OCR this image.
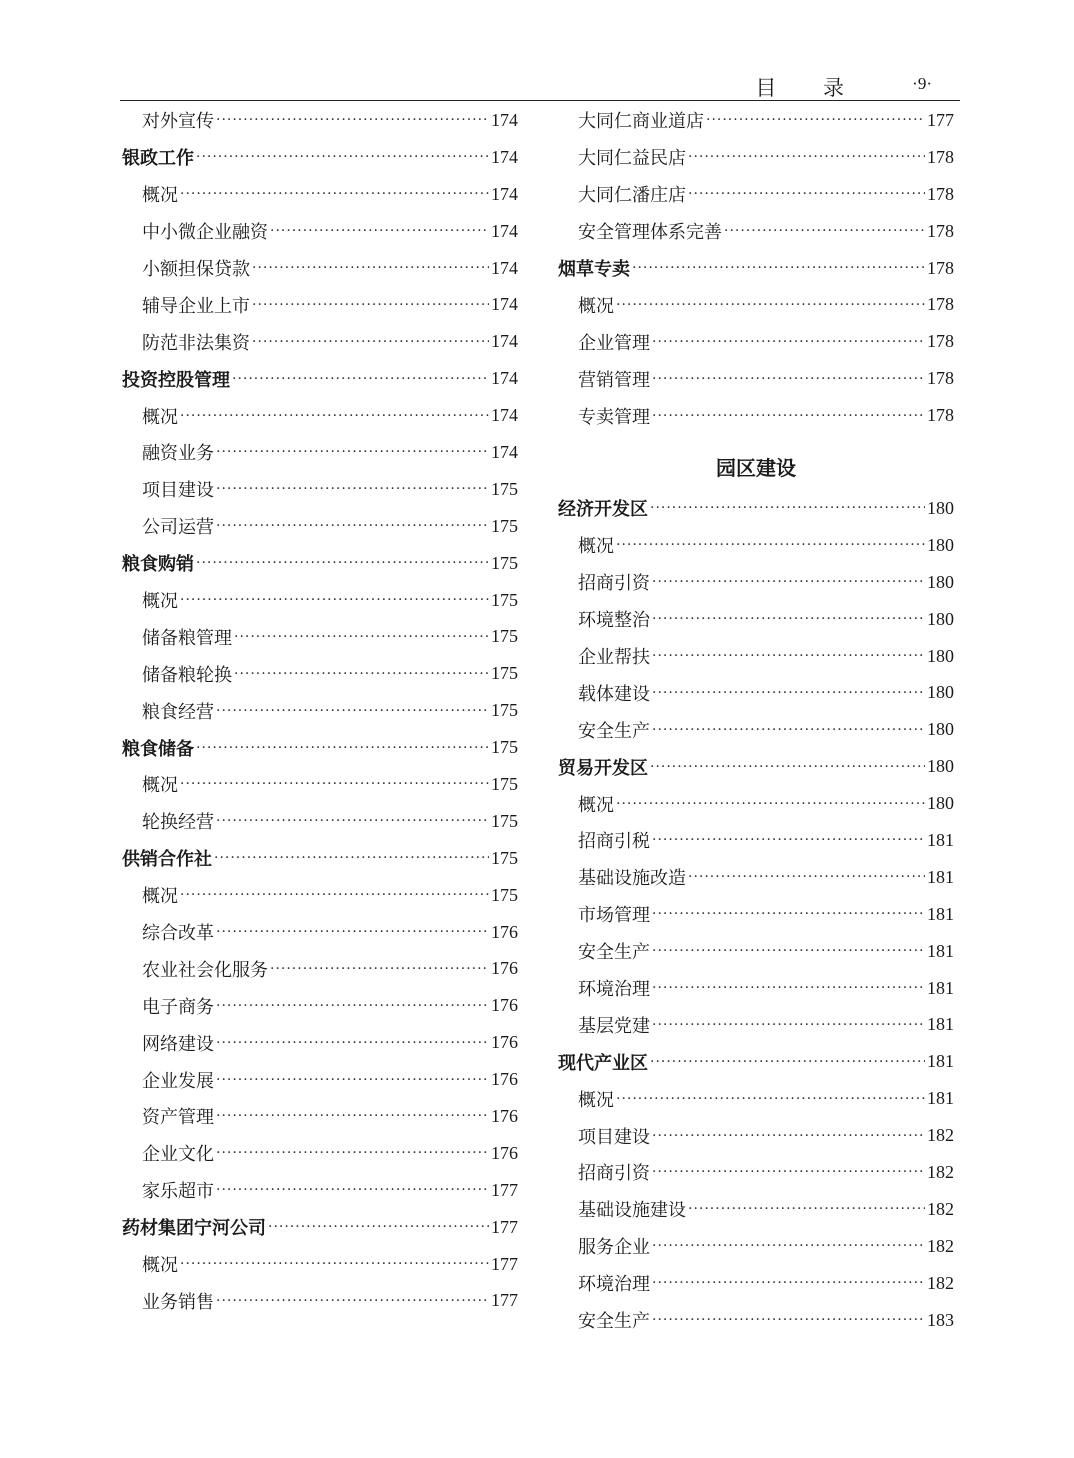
目 录	·9·
对外宣传 ·····	174
银政工作 ·····	174
概况 ·····	174
中小微企业融资 ·····	174
小额担保贷款 ·····	174
辅导企业上市 ·····	174
防范非法集资 ·····	174
投资控股管理 ·····	174
概况 ·····	174
融资业务 ·····	174
项目建设 ·····	175
公司运营 ·····	175
粮食购销 ·····	175
概况 ·····	175
储备粮管理 ·····	175
储备粮轮换 ·····	175
粮食经营 ·····	175
粮食储备 ·····	175
概况 ·····	175
轮换经营 ·····	175
供销合作社 ·····	175
概况 ·····	175
综合改革 ·····	176
农业社会化服务 ·····	176
电子商务 ·····	176
网络建设 ·····	176
企业发展 ·····	176
资产管理 ·····	176
企业文化 ·····	176
家乐超市 ·····	177
药材集团宁河公司 ·····	177
概况 ·····	177
业务销售 ·····	177
大同仁商业道店 ·····	177
大同仁益民店 ·····	178
大同仁潘庄店 ·····	178
安全管理体系完善 ·····	178
烟草专卖 ·····	178
概况 ·····	178
企业管理 ·····	178
营销管理 ·····	178
专卖管理 ·····	178
园区建设
经济开发区 ·····	180
概况 ·····	180
招商引资 ·····	180
环境整治 ·····	180
企业帮扶 ·····	180
载体建设 ·····	180
安全生产 ·····	180
贸易开发区 ·····	180
概况 ·····	180
招商引税 ·····	181
基础设施改造 ·····	181
市场管理 ·····	181
安全生产 ·····	181
环境治理 ·····	181
基层党建 ·····	181
现代产业区 ·····	181
概况 ·····	181
项目建设 ·····	182
招商引资 ·····	182
基础设施建设 ·····	182
服务企业 ·····	182
环境治理 ·····	182
安全生产 ·····	183
